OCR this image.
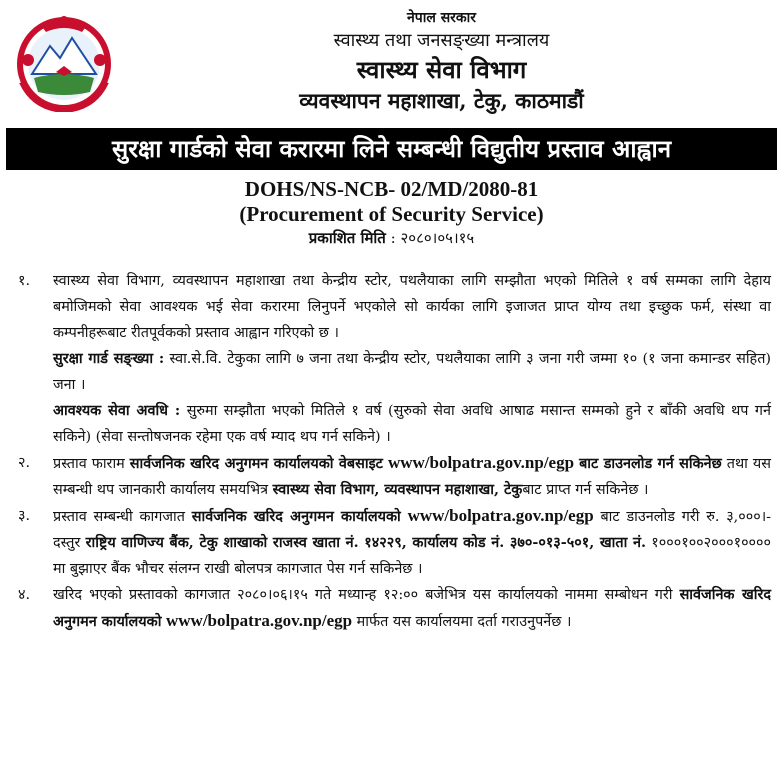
नेपाल सरकार
स्वास्थ्य तथा जनसङ्ख्या मन्त्रालय
स्वास्थ्य सेवा विभाग
व्यवस्थापन महाशाखा, टेकु, काठमाडौं
सुरक्षा गार्डको सेवा करारमा लिने सम्बन्धी विद्युतीय प्रस्ताव आह्वान
DOHS/NS-NCB- 02/MD/2080-81
(Procurement of Security Service)
प्रकाशित मिति : २०८०।०५।१५
१. स्वास्थ्य सेवा विभाग, व्यवस्थापन महाशाखा तथा केन्द्रीय स्टोर, पथलैयाका लागि सम्झौता भएको मितिले १ वर्ष सम्मका लागि देहाय बमोजिमको सेवा आवश्यक भई सेवा करारमा लिनुपर्ने भएकोले सो कार्यका लागि इजाजत प्राप्त योग्य तथा इच्छुक फर्म, संस्था वा कम्पनीहरूबाट रीतपूर्वकको प्रस्ताव आह्वान गरिएको छ ।
सुरक्षा गार्ड सङ्ख्या : स्वा.से.वि. टेकुका लागि ७ जना तथा केन्द्रीय स्टोर, पथलैयाका लागि ३ जना गरी जम्मा १० (१ जना कमान्डर सहित) जना ।
आवश्यक सेवा अवधि : सुरुमा सम्झौता भएको मितिले १ वर्ष (सुरुको सेवा अवधि आषाढ मसान्त सम्मको हुने र बाँकी अवधि थप गर्न सकिने) (सेवा सन्तोषजनक रहेमा एक वर्ष म्याद थप गर्न सकिने) ।
२. प्रस्ताव फाराम सार्वजनिक खरिद अनुगमन कार्यालयको वेबसाइट www/bolpatra.gov.np/egp बाट डाउनलोड गर्न सकिनेछ तथा यस सम्बन्धी थप जानकारी कार्यालय समयभित्र स्वास्थ्य सेवा विभाग, व्यवस्थापन महाशाखा, टेकुबाट प्राप्त गर्न सकिनेछ ।
३. प्रस्ताव सम्बन्धी कागजात सार्वजनिक खरिद अनुगमन कार्यालयको www/bolpatra.gov.np/egp बाट डाउनलोड गरी रु. ३,०००।- दस्तुर राष्ट्रिय वाणिज्य बैंक, टेकु शाखाको राजस्व खाता नं. १४२२९, कार्यालय कोड नं. ३७०-०१३-५०१, खाता नं. १०००१००२०००१०००० मा बुझाएर बैंक भौचर संलग्न राखी बोलपत्र कागजात पेस गर्न सकिनेछ ।
४. खरिद भएको प्रस्तावको कागजात २०८०।०६।१५ गते मध्यान्ह १२:०० बजेभित्र यस कार्यालयको नाममा सम्बोधन गरी सार्वजनिक खरिद अनुगमन कार्यालयको www/bolpatra.gov.np/egp मार्फत यस कार्यालयमा दर्ता गराउनुपर्नेछ ।
